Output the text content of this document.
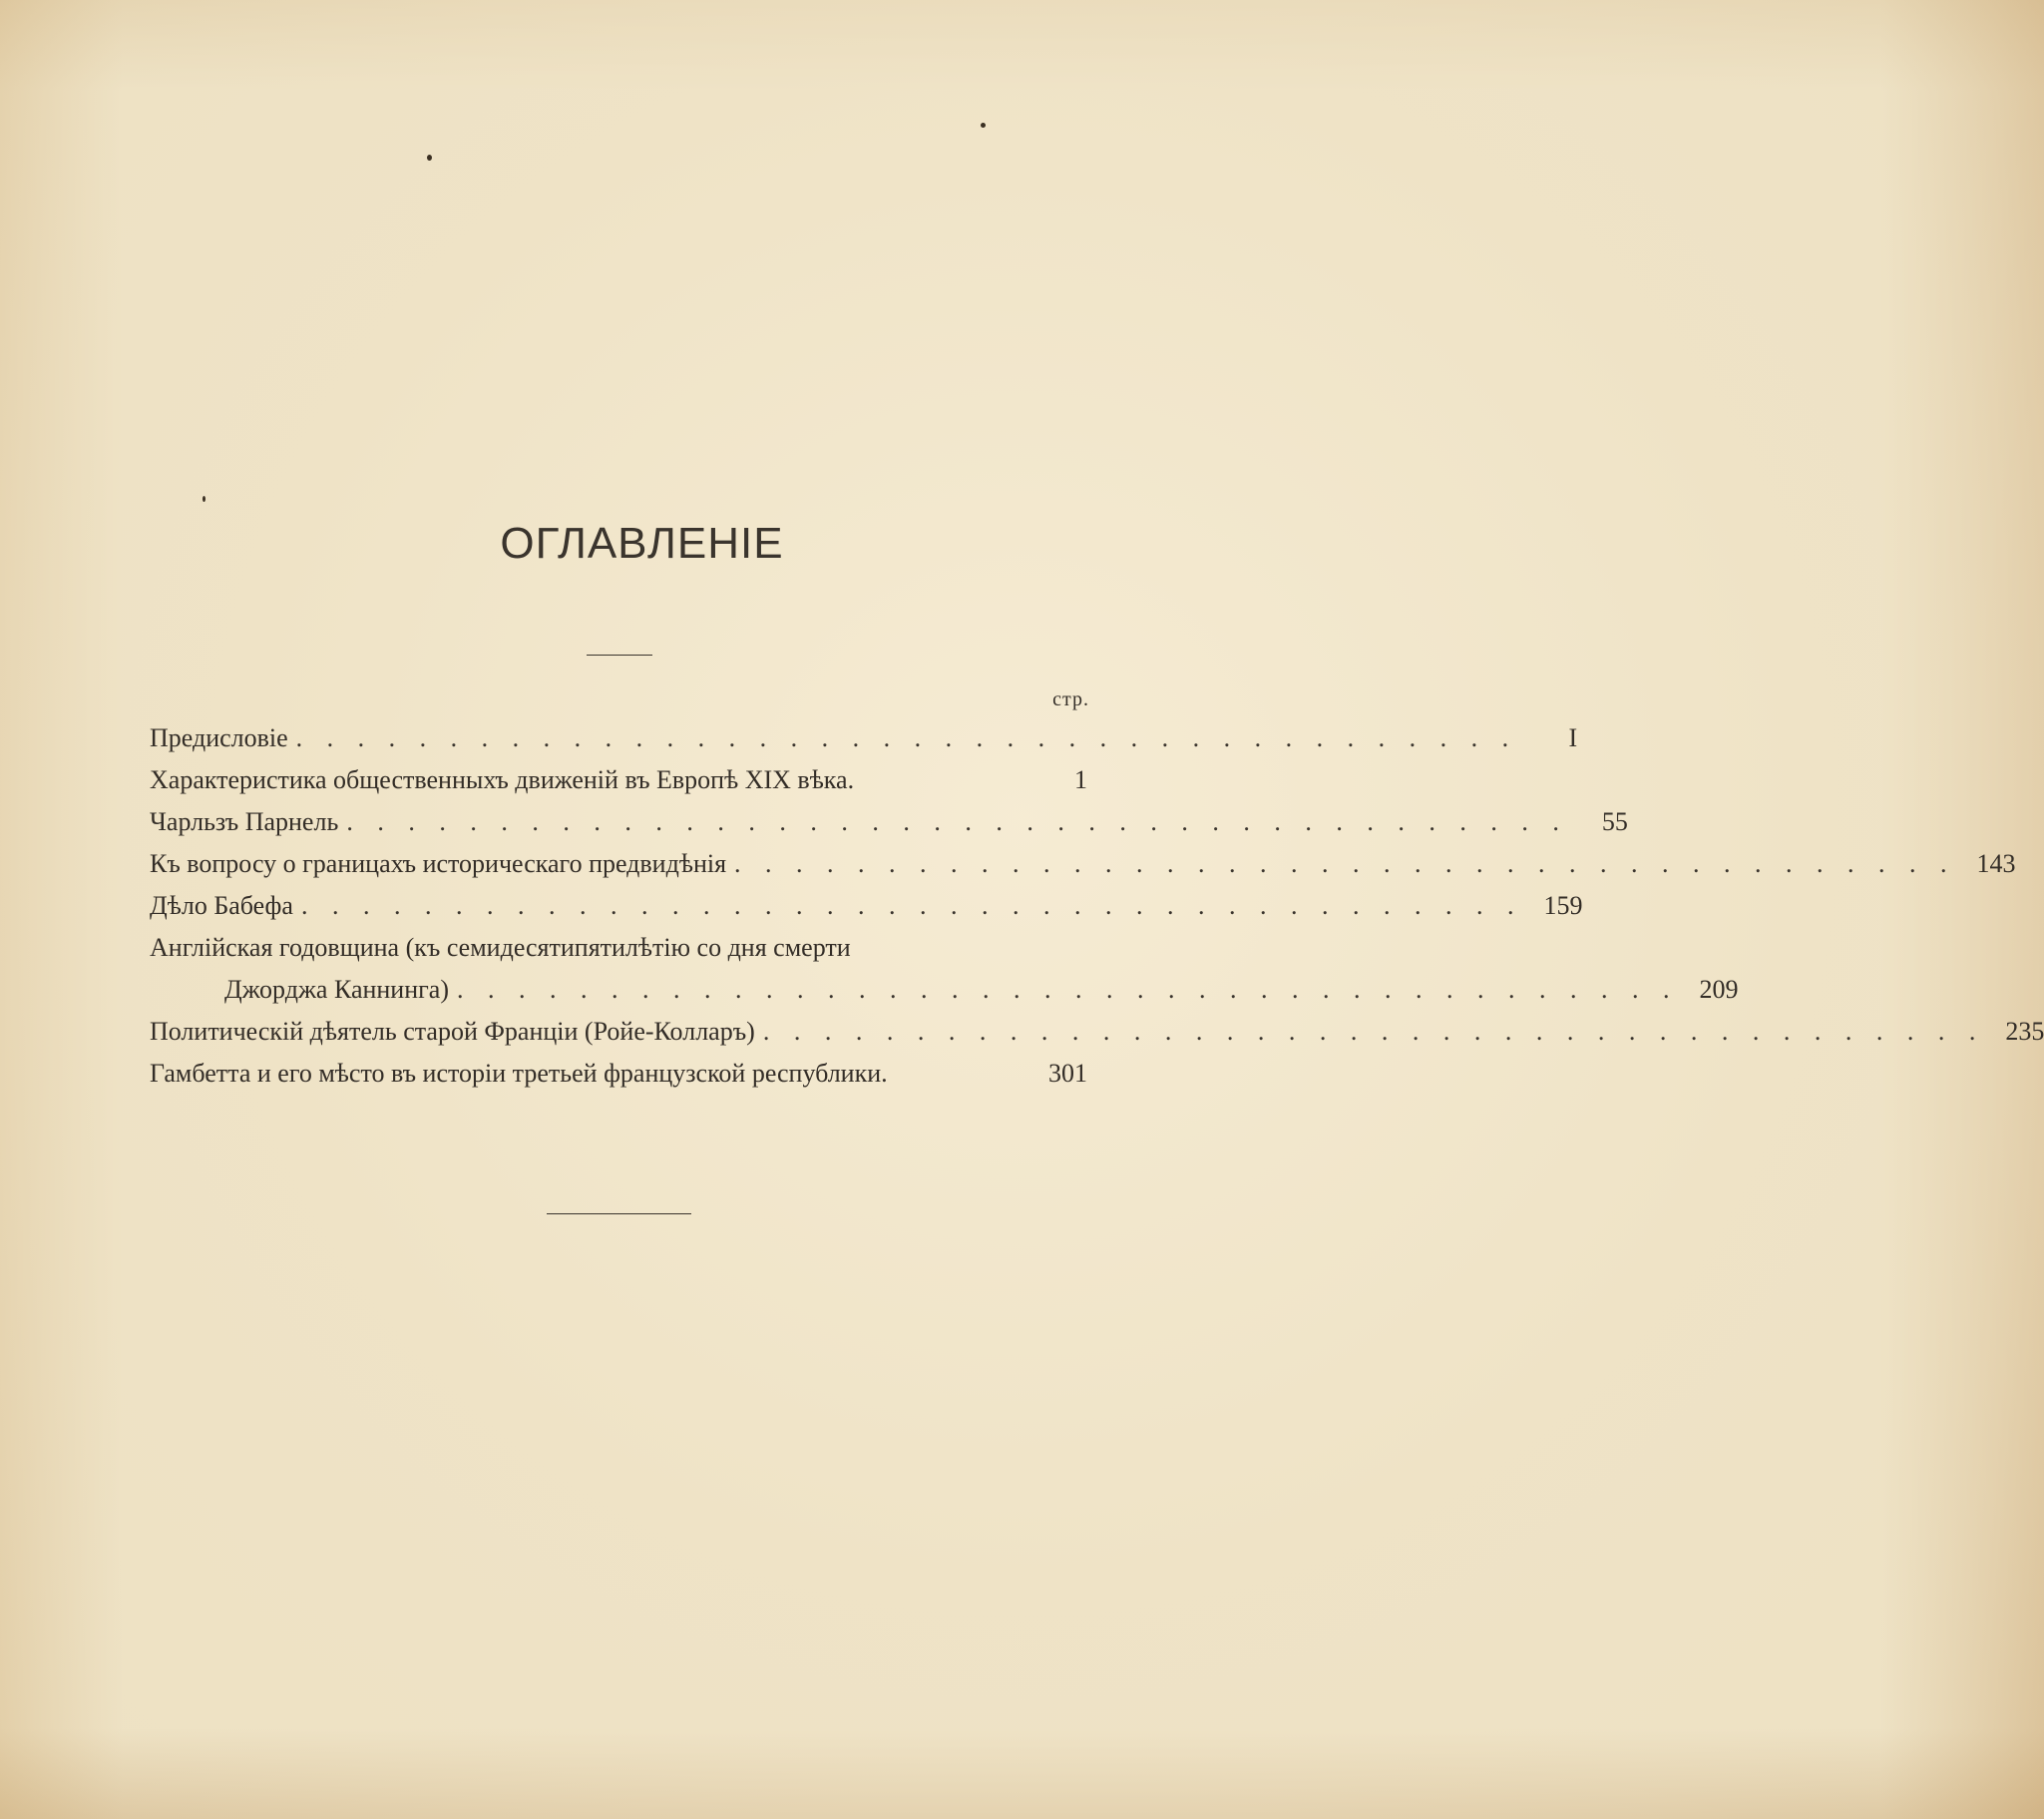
ОГЛАВЛЕНІЕ
стр.
Предисловіе . . . . . . . . . . . . . . . . . . . . . . . . . . . . . . . . . . . . . . . .	I
Характеристика общественныхъ движеній въ Европѣ XIX вѣка.	1
Чарльзъ Парнель . . . . . . . . . . . . . . . . . . . . . . . . . . . . . . . . . . . . . . . .	55
Къ вопросу о границахъ историческаго предвидѣнія . . . . . . . . . . . . . . . . . . . . . . . . . . . . . . . . . . . . . . . . 143
Дѣло Бабефа . . . . . . . . . . . . . . . . . . . . . . . . . . . . . . . . . . . . . . . . 159
Англійская годовщина (къ семидесятипятилѣтію со дня смерти
Джорджа Каннинга) . . . . . . . . . . . . . . . . . . . . . . . . . . . . . . . . . . . . . . . . 209
Политическій дѣятель старой Франціи (Ройе-Колларъ) . . . . . . . . . . . . . . . . . . . . . . . . . . . . . . . . . . . . . . . . 235
Гамбетта и его мѣсто въ исторіи третьей французской республики.	301
